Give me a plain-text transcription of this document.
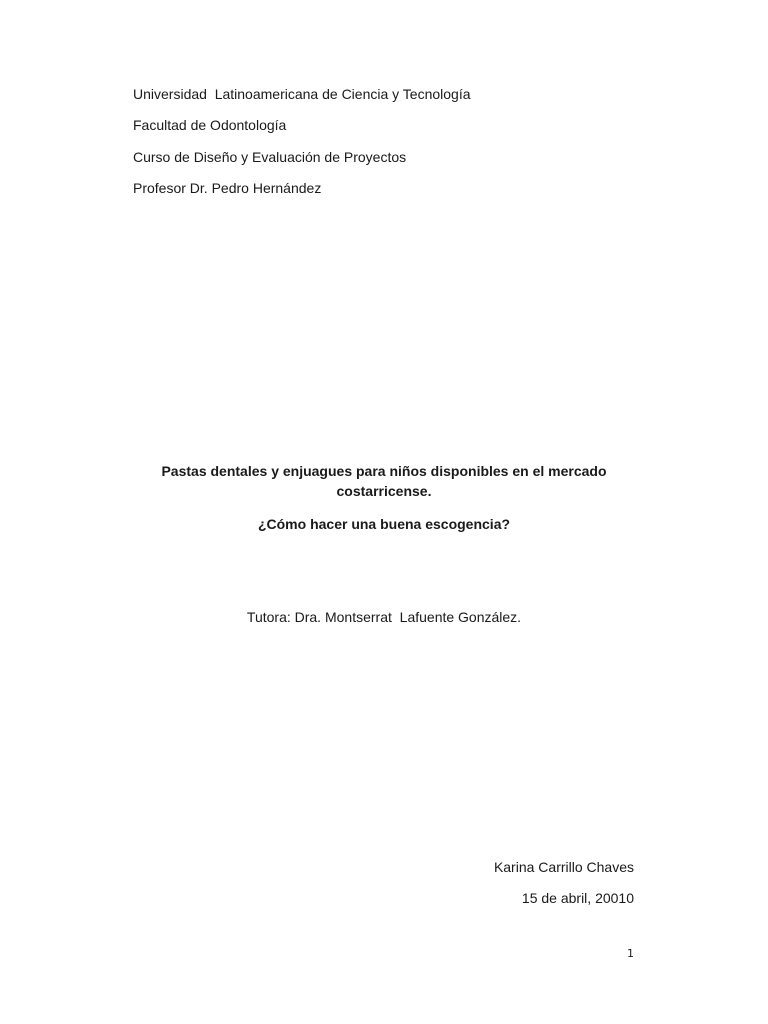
Universidad  Latinoamericana de Ciencia y Tecnología

Facultad de Odontología

Curso de Diseño y Evaluación de Proyectos

Profesor Dr. Pedro Hernández

Pastas dentales y enjuagues para niños disponibles en el mercado costarricense.

¿Cómo hacer una buena escogencia?

Tutora: Dra. Montserrat  Lafuente González.

Karina Carrillo Chaves

15 de abril, 20010

1
